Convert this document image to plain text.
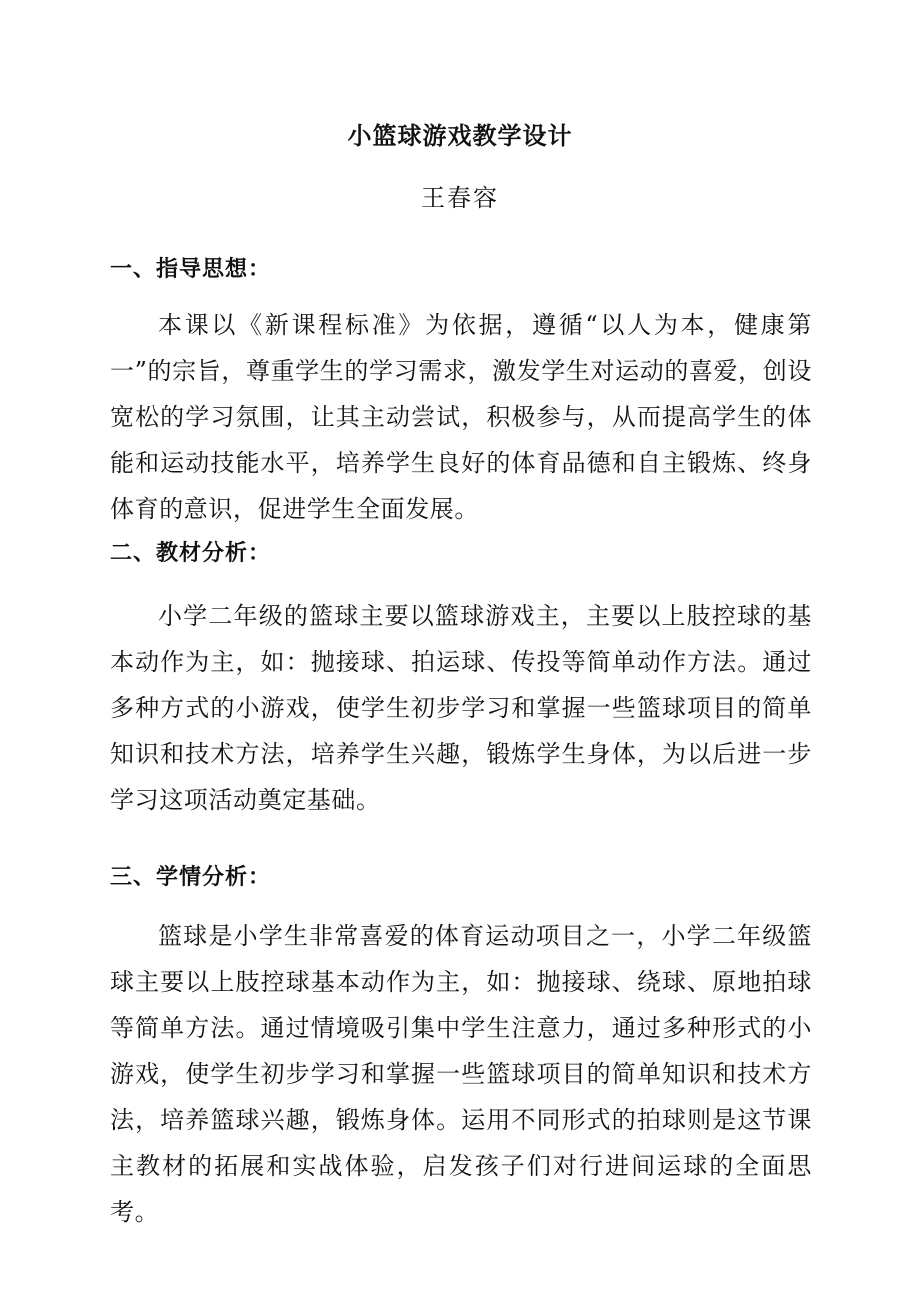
小篮球游戏教学设计
王春容
一、指导思想：

本课以《新课程标准》为依据，遵循“以人为本，健康第一”的宗旨，尊重学生的学习需求，激发学生对运动的喜爱，创设宽松的学习氛围，让其主动尝试，积极参与，从而提高学生的体能和运动技能水平，培养学生良好的体育品德和自主锻炼、终身体育的意识，促进学生全面发展。

二、教材分析：

小学二年级的篮球主要以篮球游戏主，主要以上肢控球的基本动作为主，如：抛接球、拍运球、传投等简单动作方法。通过多种方式的小游戏，使学生初步学习和掌握一些篮球项目的简单知识和技术方法，培养学生兴趣，锻炼学生身体，为以后进一步学习这项活动奠定基础。

三、学情分析：

篮球是小学生非常喜爱的体育运动项目之一，小学二年级篮球主要以上肢控球基本动作为主，如：抛接球、绕球、原地拍球等简单方法。通过情境吸引集中学生注意力，通过多种形式的小游戏，使学生初步学习和掌握一些篮球项目的简单知识和技术方法，培养篮球兴趣，锻炼身体。运用不同形式的拍球则是这节课主教材的拓展和实战体验，启发孩子们对行进间运球的全面思考。
